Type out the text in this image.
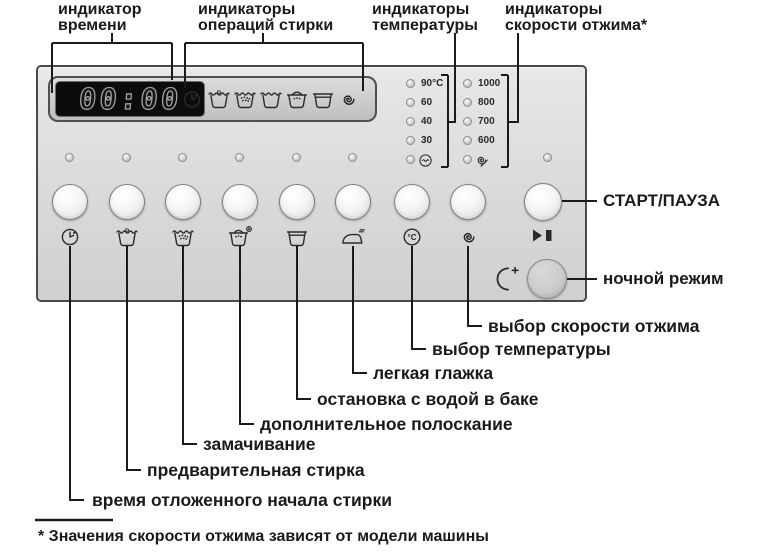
индикатор
времени
индикаторы
операций стирки
индикаторы
температуры
индикаторы
скорости отжима*
00:00	P
90°C
60
40
30
1000
800
700
600
P
°C
СТАРТ/ПАУЗА
ночной режим
выбор скорости отжима
выбор температуры
легкая глажка
остановка с водой в баке
дополнительное полоскание
замачивание
предварительная стирка
время отложенного начала стирки
* Значения скорости отжима зависят от модели машины
